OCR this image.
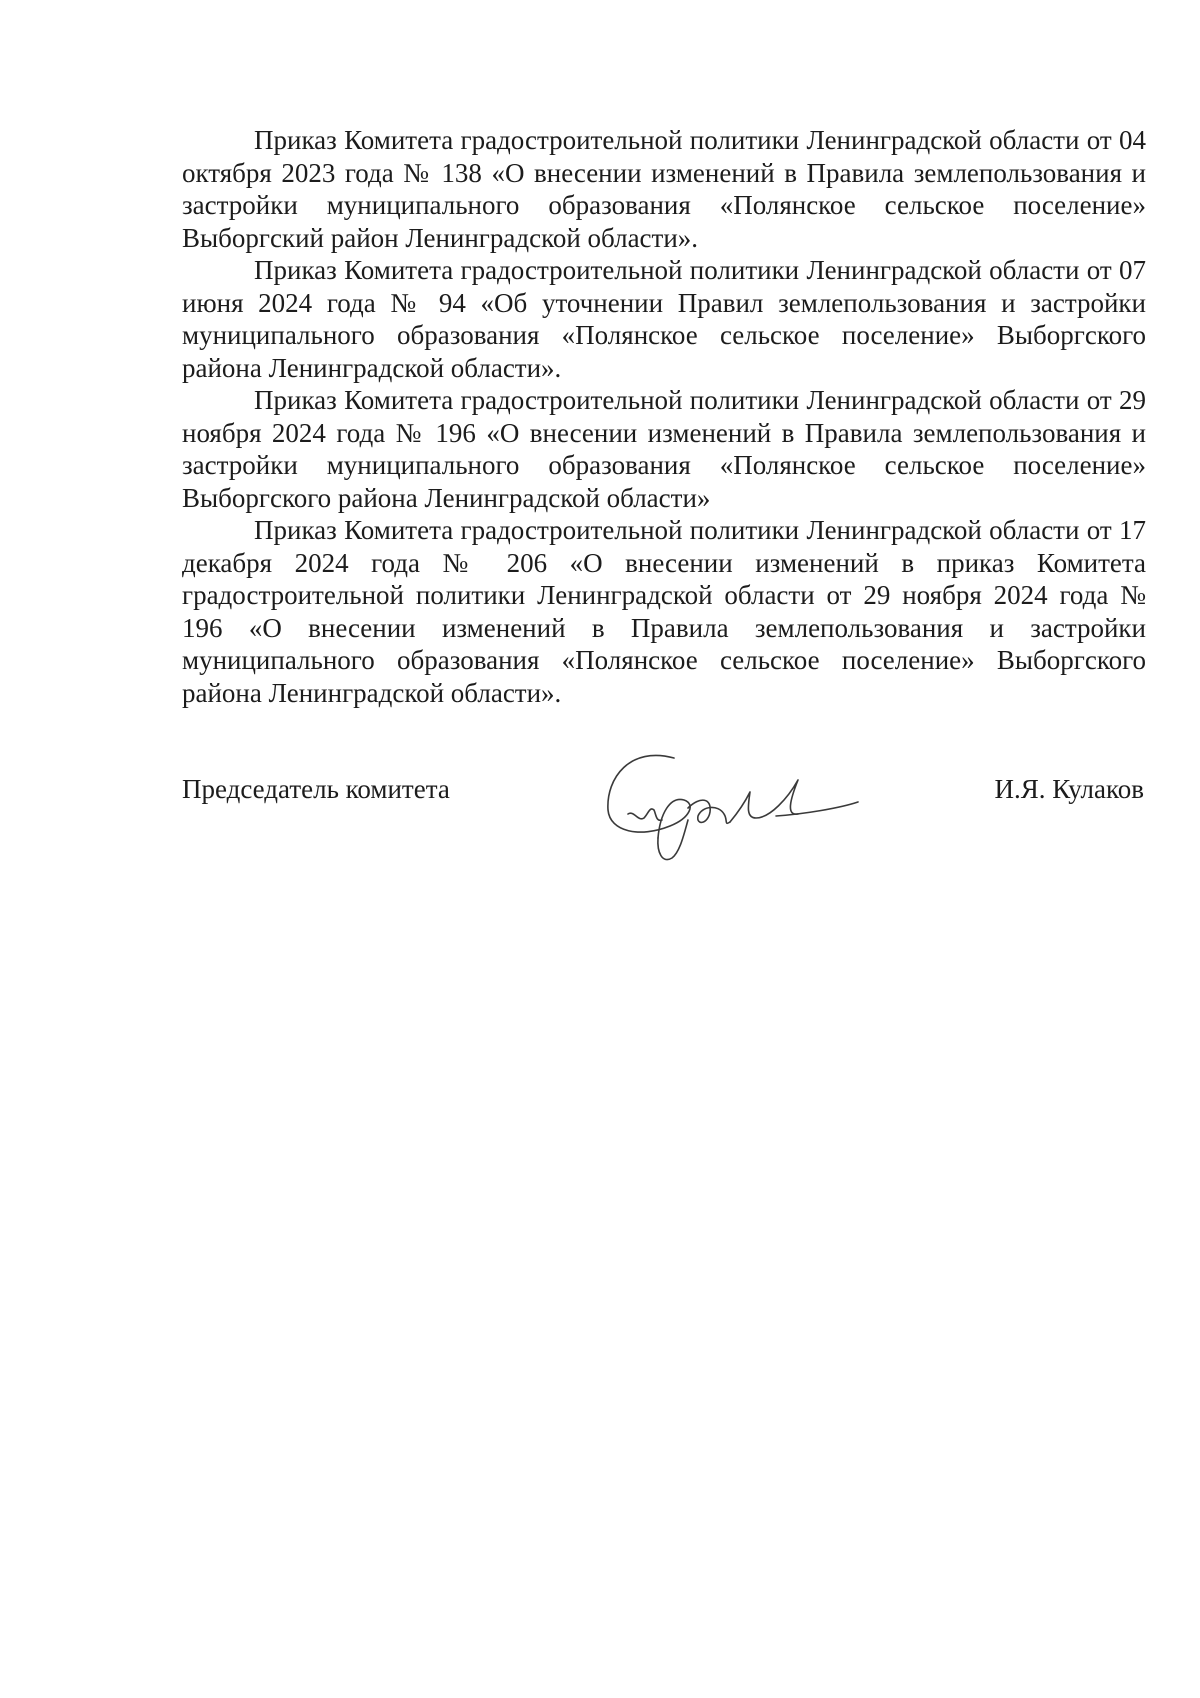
Приказ Комитета градостроительной политики Ленинградской области от 04 октября 2023 года № 138 «О внесении изменений в Правила землепользования и застройки муниципального образования «Полянское сельское поселение» Выборгский район Ленинградской области».

Приказ Комитета градостроительной политики Ленинградской области от 07 июня 2024 года № 94 «Об уточнении Правил землепользования и застройки муниципального образования «Полянское сельское поселение» Выборгского района Ленинградской области».

Приказ Комитета градостроительной политики Ленинградской области от 29 ноября 2024 года № 196 «О внесении изменений в Правила землепользования и застройки муниципального образования «Полянское сельское поселение» Выборгского района Ленинградской области»

Приказ Комитета градостроительной политики Ленинградской области от 17 декабря 2024 года № 206 «О внесении изменений в приказ Комитета градостроительной политики Ленинградской области от 29 ноября 2024 года № 196 «О внесении изменений в Правила землепользования и застройки муниципального образования «Полянское сельское поселение» Выборгского района Ленинградской области».

Председатель комитета	И.Я. Кулаков
